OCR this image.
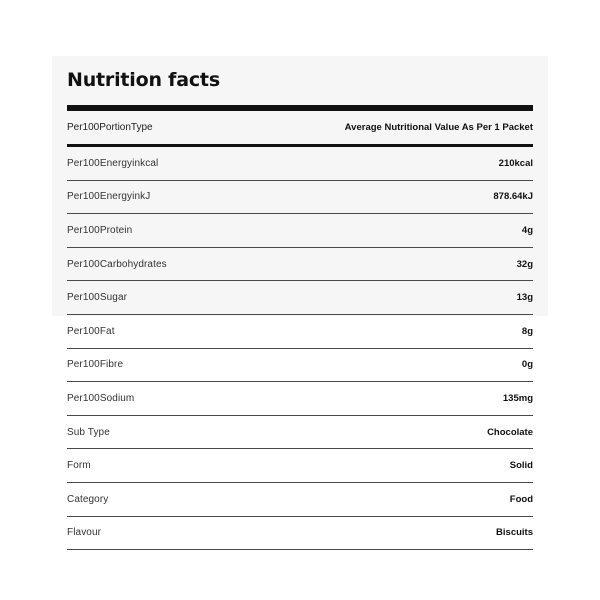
Nutrition facts
Per100PortionType	Average Nutritional Value As Per 1 Packet
Per100Energyinkcal	210kcal
Per100EnergyinkJ	878.64kJ
Per100Protein	4g
Per100Carbohydrates	32g
Per100Sugar	13g
Per100Fat	8g
Per100Fibre	0g
Per100Sodium	135mg
Sub Type	Chocolate
Form	Solid
Category	Food
Flavour	Biscuits
